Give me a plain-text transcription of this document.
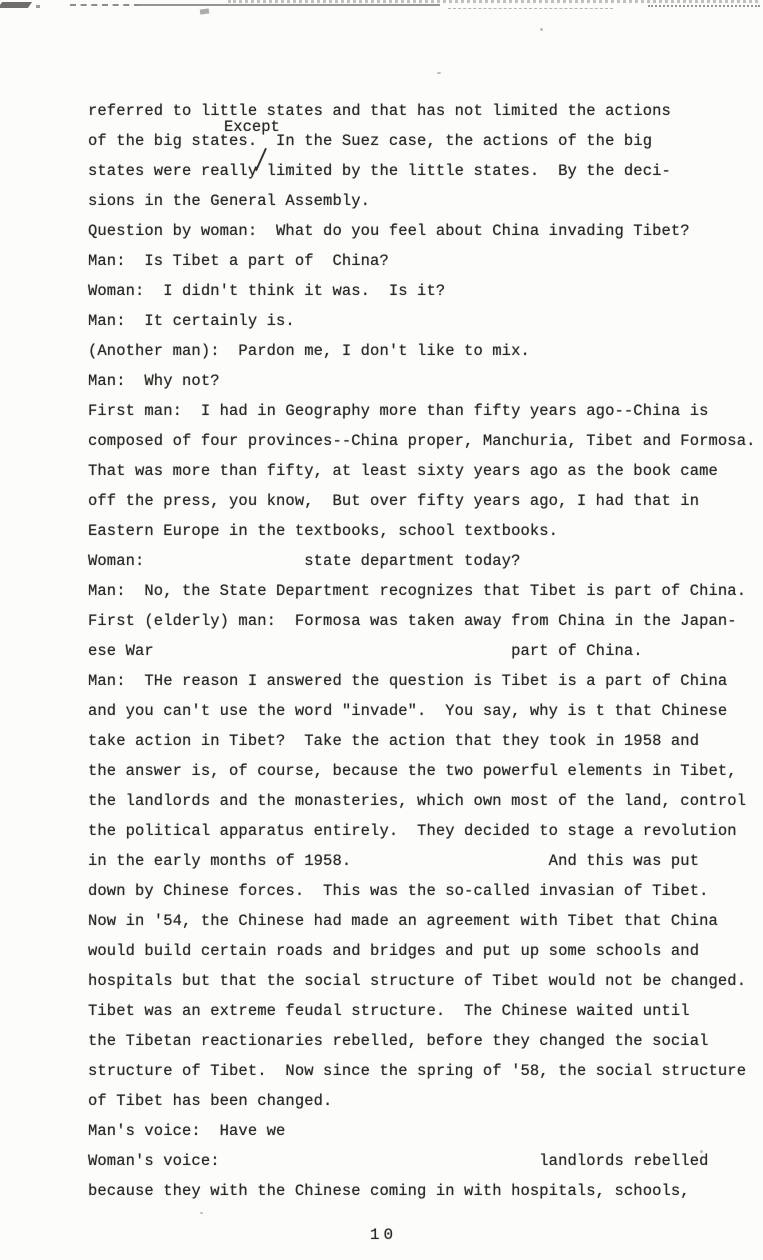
Except
referred to little states and that has not limited the actions
of the big states.  In the Suez case, the actions of the big
states were really limited by the little states.  By the deci-
sions in the General Assembly.
Question by woman:  What do you feel about China invading Tibet?
Man:  Is Tibet a part of  China?
Woman:  I didn't think it was.  Is it?
Man:  It certainly is.
(Another man):  Pardon me, I don't like to mix.
Man:  Why not?
First man:  I had in Geography more than fifty years ago--China is
composed of four provinces--China proper, Manchuria, Tibet and Formosa.
That was more than fifty, at least sixty years ago as the book came
off the press, you know,  But over fifty years ago, I had that in
Eastern Europe in the textbooks, school textbooks.
Woman:                 state department today?
Man:  No, the State Department recognizes that Tibet is part of China.
First (elderly) man:  Formosa was taken away from China in the Japan-
ese War                                      part of China.
Man:  THe reason I answered the question is Tibet is a part of China
and you can't use the word "invade".  You say, why is t that Chinese
take action in Tibet?  Take the action that they took in 1958 and
the answer is, of course, because the two powerful elements in Tibet,
the landlords and the monasteries, which own most of the land, control
the political apparatus entirely.  They decided to stage a revolution
in the early months of 1958.                     And this was put
down by Chinese forces.  This was the so-called invasian of Tibet.
Now in '54, the Chinese had made an agreement with Tibet that China
would build certain roads and bridges and put up some schools and
hospitals but that the social structure of Tibet would not be changed.
Tibet was an extreme feudal structure.  The Chinese waited until
the Tibetan reactionaries rebelled, before they changed the social
structure of Tibet.  Now since the spring of '58, the social structure
of Tibet has been changed.
Man's voice:  Have we
Woman's voice:                                  landlords rebelled
because they with the Chinese coming in with hospitals, schools,
10
